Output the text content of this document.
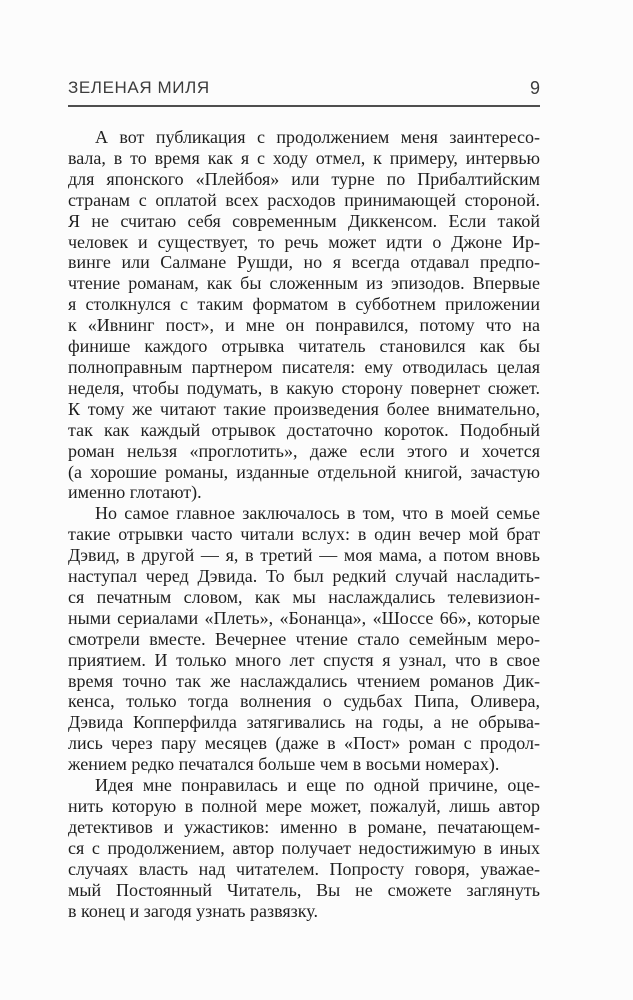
ЗЕЛЕНАЯ МИЛЯ	9
А вот публикация с продолжением меня заинтересо-
вала, в то время как я с ходу отмел, к примеру, интервью
для японского «Плейбоя» или турне по Прибалтийским
странам с оплатой всех расходов принимающей стороной.
Я не считаю себя современным Диккенсом. Если такой
человек и существует, то речь может идти о Джоне Ир-
винге или Салмане Рушди, но я всегда отдавал предпо-
чтение романам, как бы сложенным из эпизодов. Впервые
я столкнулся с таким форматом в субботнем приложении
к «Ивнинг пост», и мне он понравился, потому что на
финише каждого отрывка читатель становился как бы
полноправным партнером писателя: ему отводилась целая
неделя, чтобы подумать, в какую сторону повернет сюжет.
К тому же читают такие произведения более внимательно,
так как каждый отрывок достаточно короток. Подобный
роман нельзя «проглотить», даже если этого и хочется
(а хорошие романы, изданные отдельной книгой, зачастую
именно глотают).
Но самое главное заключалось в том, что в моей семье
такие отрывки часто читали вслух: в один вечер мой брат
Дэвид, в другой — я, в третий — моя мама, а потом вновь
наступал черед Дэвида. То был редкий случай насладить-
ся печатным словом, как мы наслаждались телевизион-
ными сериалами «Плеть», «Бонанца», «Шоссе 66», которые
смотрели вместе. Вечернее чтение стало семейным меро-
приятием. И только много лет спустя я узнал, что в свое
время точно так же наслаждались чтением романов Дик-
кенса, только тогда волнения о судьбах Пипа, Оливера,
Дэвида Копперфилда затягивались на годы, а не обрыва-
лись через пару месяцев (даже в «Пост» роман с продол-
жением редко печатался больше чем в восьми номерах).
Идея мне понравилась и еще по одной причине, оце-
нить которую в полной мере может, пожалуй, лишь автор
детективов и ужастиков: именно в романе, печатающем-
ся с продолжением, автор получает недостижимую в иных
случаях власть над читателем. Попросту говоря, уважае-
мый Постоянный Читатель, Вы не сможете заглянуть
в конец и загодя узнать развязку.
